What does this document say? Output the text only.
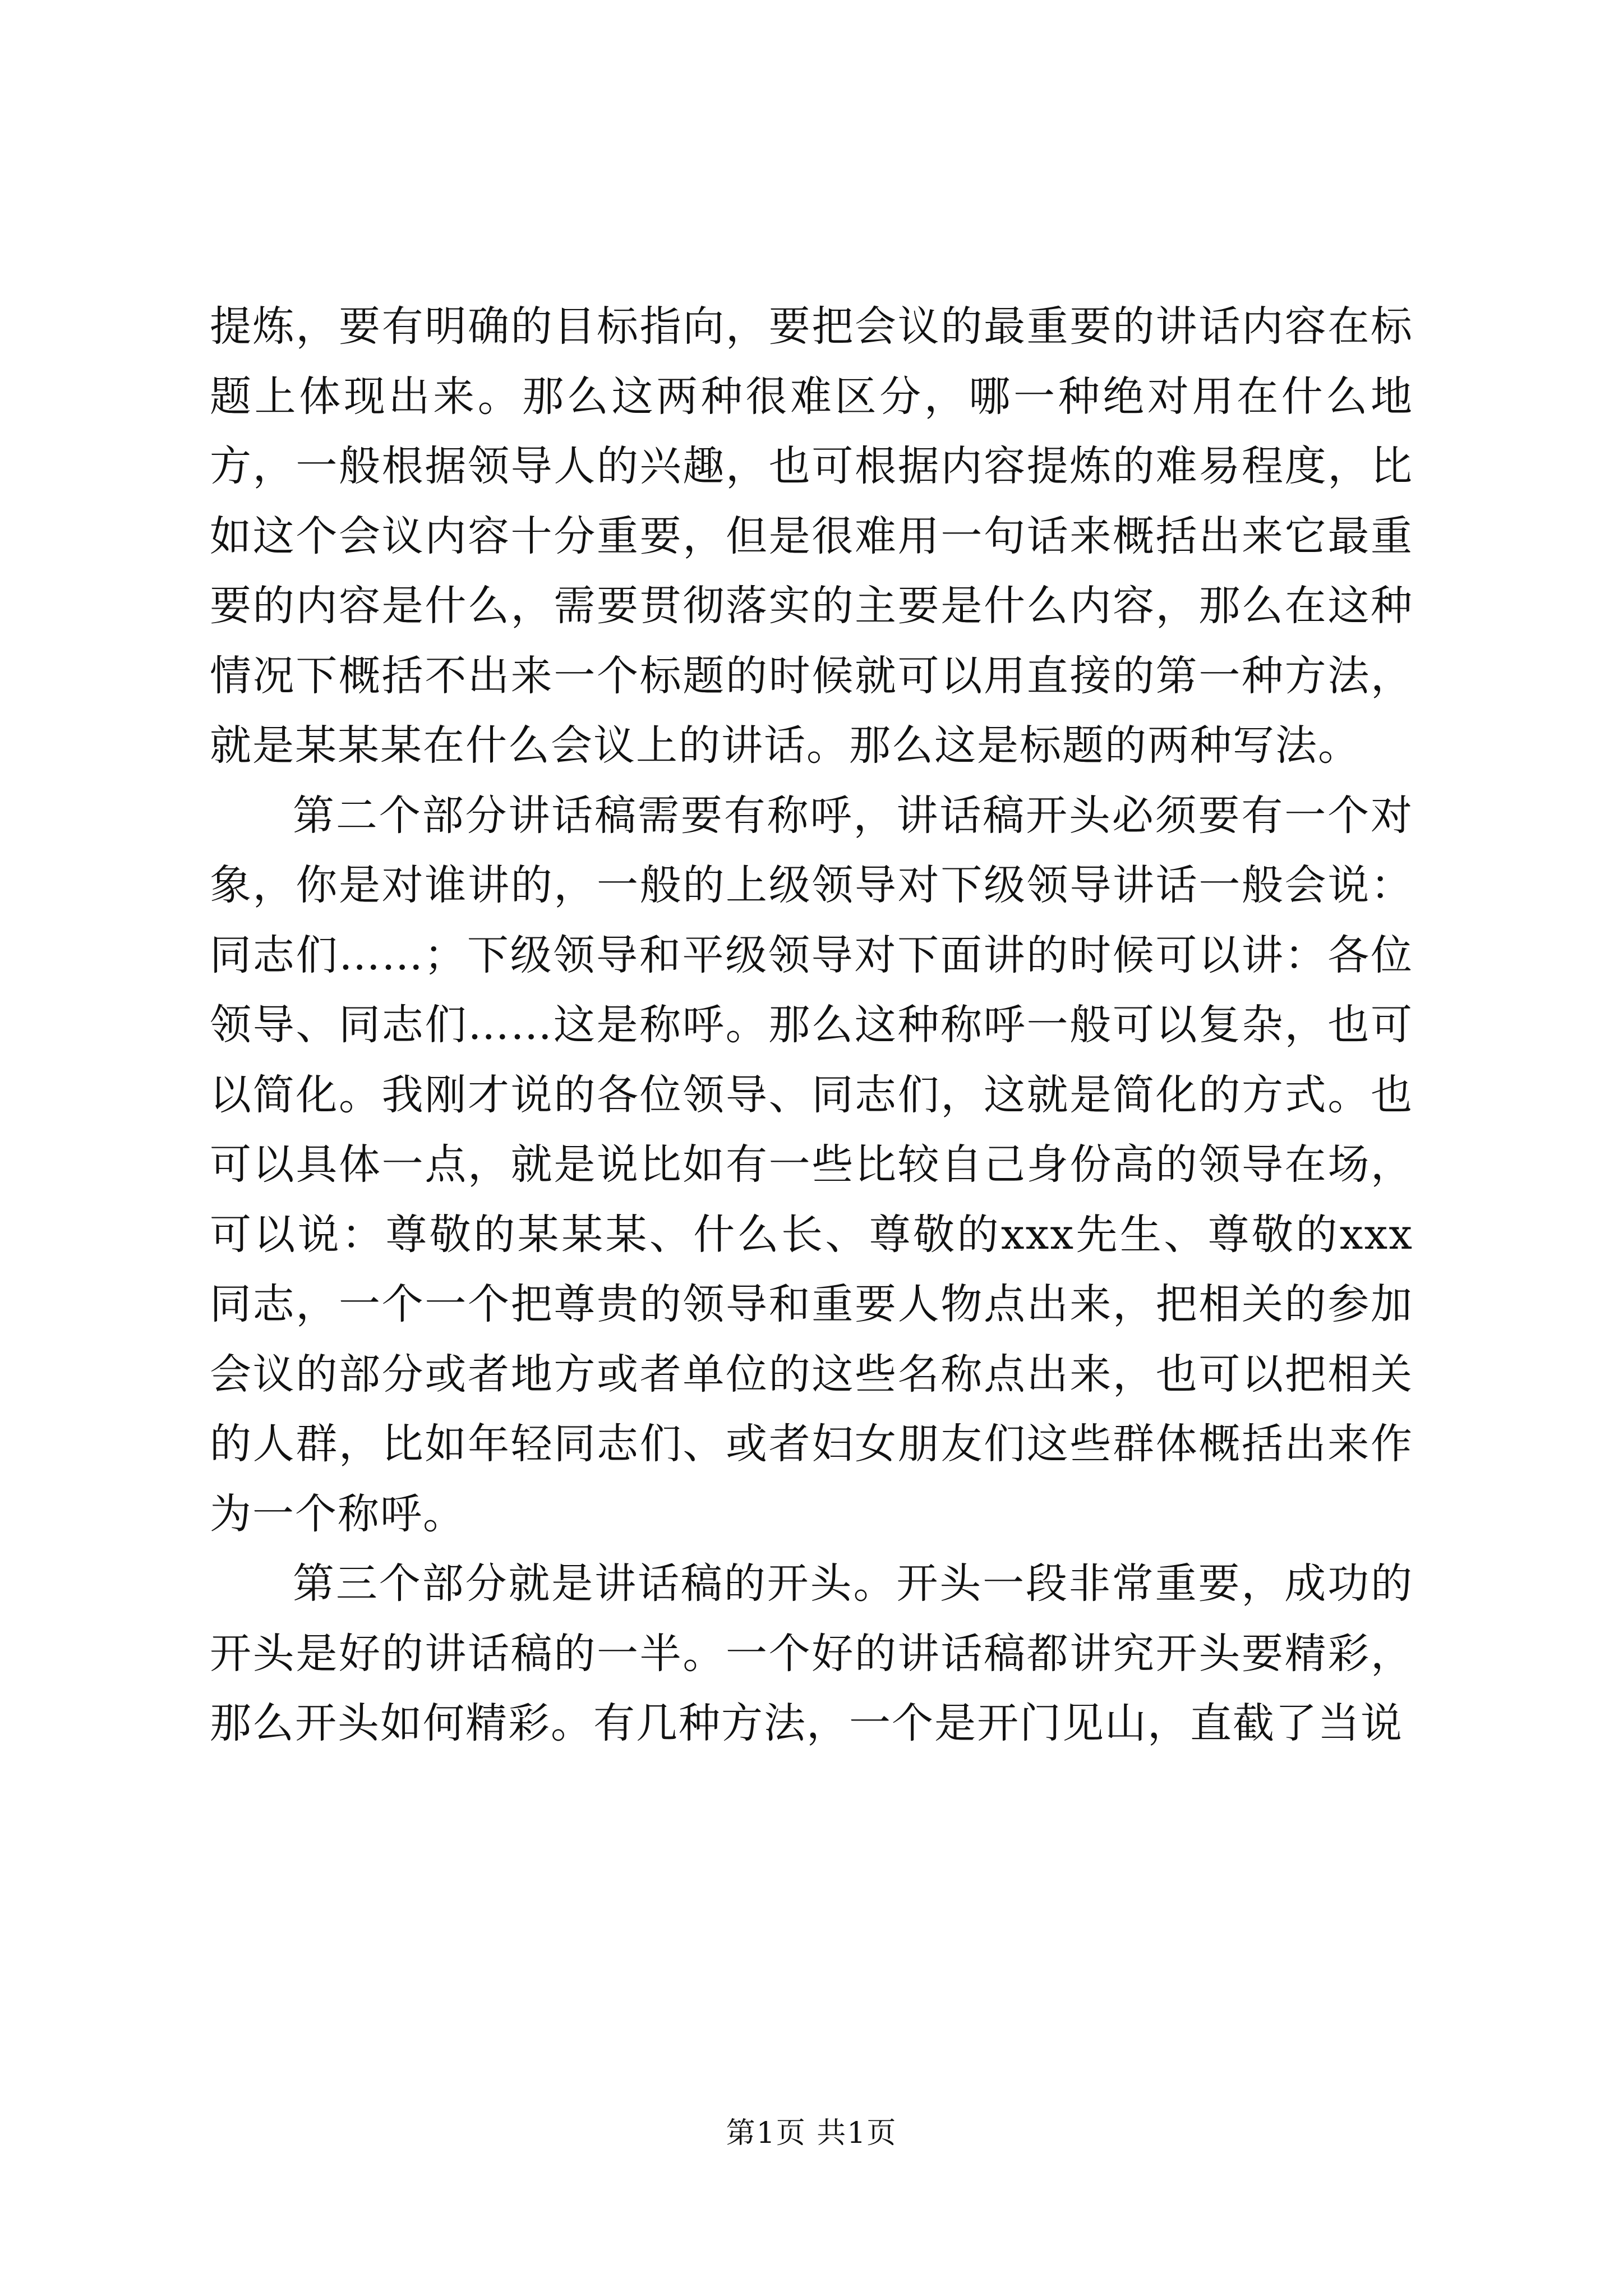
提炼，要有明确的目标指向，要把会议的最重要的讲话内容在标题上体现出来。那么这两种很难区分，哪一种绝对用在什么地方，一般根据领导人的兴趣，也可根据内容提炼的难易程度，比如这个会议内容十分重要，但是很难用一句话来概括出来它最重要的内容是什么，需要贯彻落实的主要是什么内容，那么在这种情况下概括不出来一个标题的时候就可以用直接的第一种方法，就是某某某在什么会议上的讲话。那么这是标题的两种写法。

第二个部分讲话稿需要有称呼，讲话稿开头必须要有一个对象，你是对谁讲的，一般的上级领导对下级领导讲话一般会说：同志们……；下级领导和平级领导对下面讲的时候可以讲：各位领导、同志们……这是称呼。那么这种称呼一般可以复杂，也可以简化。我刚才说的各位领导、同志们，这就是简化的方式。也可以具体一点，就是说比如有一些比较自己身份高的领导在场，可以说：尊敬的某某某、什么长、尊敬的xxx先生、尊敬的xxx同志，一个一个把尊贵的领导和重要人物点出来，把相关的参加会议的部分或者地方或者单位的这些名称点出来，也可以把相关的人群，比如年轻同志们、或者妇女朋友们这些群体概括出来作为一个称呼。

第三个部分就是讲话稿的开头。开头一段非常重要，成功的开头是好的讲话稿的一半。一个好的讲话稿都讲究开头要精彩，那么开头如何精彩。有几种方法，一个是开门见山，直截了当说

第1页 共1页
